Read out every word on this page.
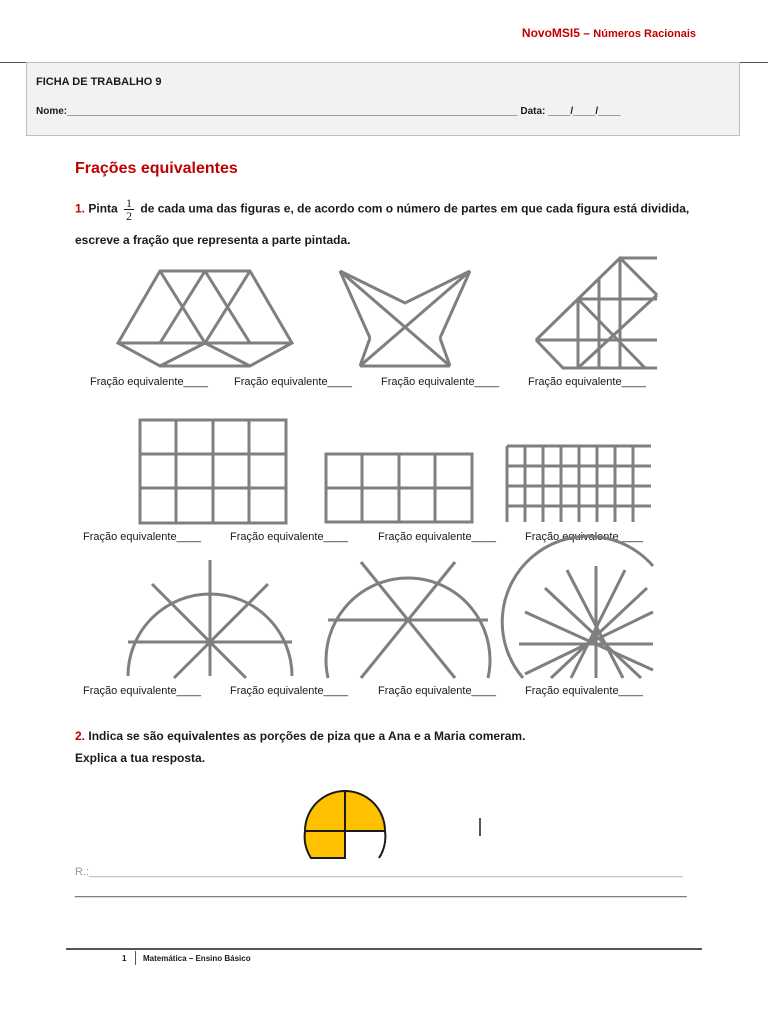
NovoMSI5 – Números Racionais
FICHA DE TRABALHO 9
Nome:_________________________________________________________________________________ Data: ____/____/____
Frações equivalentes
1. Pinta $\frac{1}{2}$ de cada uma das figuras e, de acordo com o número de partes em que cada figura está dividida,
escreve a fração que representa a parte pintada.
Fração equivalente____ Fração equivalente____	Fração equivalente____	Fração equivalente____
Fração equivalente____	Fração equivalente____	Fração equivalente____	Fração equivalente____
Fração equivalente____	Fração equivalente____	Fração equivalente____	Fração equivalente____
2. Indica se são equivalentes as porções de piza que a Ana e a Maria comeram.
Explica a tua resposta.
R.:_________________________________________________________________________________________________
____________________________________________________________________________________________________
1 Matemática – Ensino Básico
